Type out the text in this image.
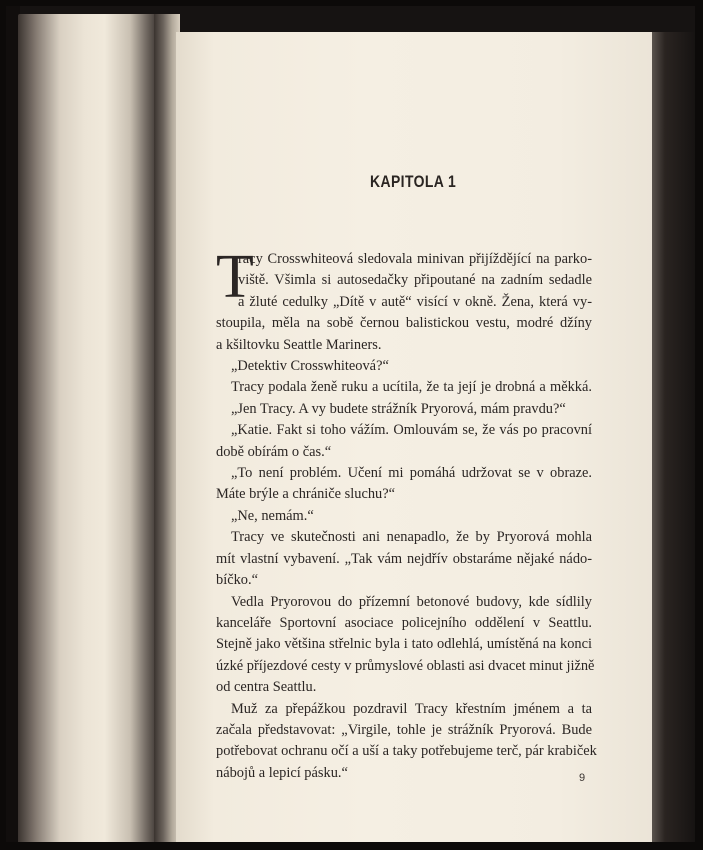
KAPITOLA 1
T
racy Crosswhiteová sledovala minivan přijíždějící na parko-
viště. Všimla si autosedačky připoutané na zadním sedadle
a žluté cedulky „Dítě v autě“ visící v okně. Žena, která vy-
stoupila, měla na sobě černou balistickou vestu, modré džíny
a kšiltovku Seattle Mariners.
„Detektiv Crosswhiteová?“
Tracy podala ženě ruku a ucítila, že ta její je drobná a měkká.
„Jen Tracy. A vy budete strážník Pryorová, mám pravdu?“
„Katie. Fakt si toho vážím. Omlouvám se, že vás po pracovní
době obírám o čas.“
„To není problém. Učení mi pomáhá udržovat se v obraze.
Máte brýle a chrániče sluchu?“
„Ne, nemám.“
Tracy ve skutečnosti ani nenapadlo, že by Pryorová mohla
mít vlastní vybavení. „Tak vám nejdřív obstaráme nějaké nádo-
bíčko.“
Vedla Pryorovou do přízemní betonové budovy, kde sídlily
kanceláře Sportovní asociace policejního oddělení v Seattlu.
Stejně jako většina střelnic byla i tato odlehlá, umístěná na konci
úzké příjezdové cesty v průmyslové oblasti asi dvacet minut jižně
od centra Seattlu.
Muž za přepážkou pozdravil Tracy křestním jménem a ta
začala představovat: „Virgile, tohle je strážník Pryorová. Bude
potřebovat ochranu očí a uší a taky potřebujeme terč, pár krabiček
nábojů a lepicí pásku.“	9
